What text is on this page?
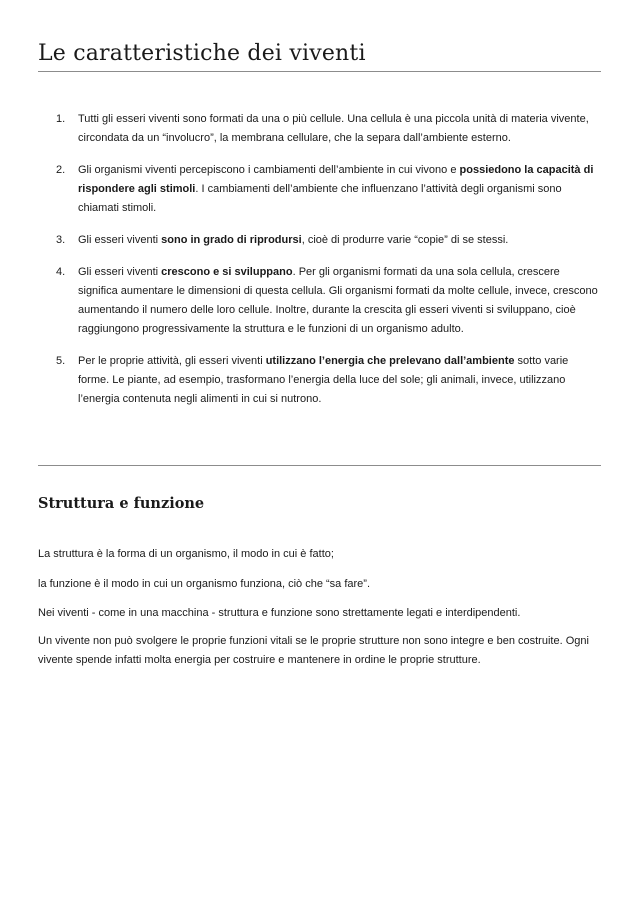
Le caratteristiche dei viventi
1. Tutti gli esseri viventi sono formati da una o più cellule. Una cellula è una piccola unità di materia vivente, circondata da un “involucro”, la membrana cellulare, che la separa dall’ambiente esterno.
2. Gli organismi viventi percepiscono i cambiamenti dell’ambiente in cui vivono e possiedono la capacità di rispondere agli stimoli. I cambiamenti dell’ambiente che influenzano l’attività degli organismi sono chiamati stimoli.
3. Gli esseri viventi sono in grado di riprodursi, cioè di produrre varie “copie” di se stessi.
4. Gli esseri viventi crescono e si sviluppano. Per gli organismi formati da una sola cellula, crescere significa aumentare le dimensioni di questa cellula. Gli organismi formati da molte cellule, invece, crescono aumentando il numero delle loro cellule. Inoltre, durante la crescita gli esseri viventi si sviluppano, cioè raggiungono progressivamente la struttura e le funzioni di un organismo adulto.
5. Per le proprie attività, gli esseri viventi utilizzano l’energia che prelevano dall’ambiente sotto varie forme. Le piante, ad esempio, trasformano l’energia della luce del sole; gli animali, invece, utilizzano l’energia contenuta negli alimenti in cui si nutrono.
Struttura e funzione

La struttura è la forma di un organismo, il modo in cui è fatto;

la funzione è il modo in cui un organismo funziona, ciò che “sa fare”.

Nei viventi - come in una macchina - struttura e funzione sono strettamente legati e interdipendenti.

Un vivente non può svolgere le proprie funzioni vitali se le proprie strutture non sono integre e ben costruite. Ogni vivente spende infatti molta energia per costruire e mantenere in ordine le proprie strutture.
